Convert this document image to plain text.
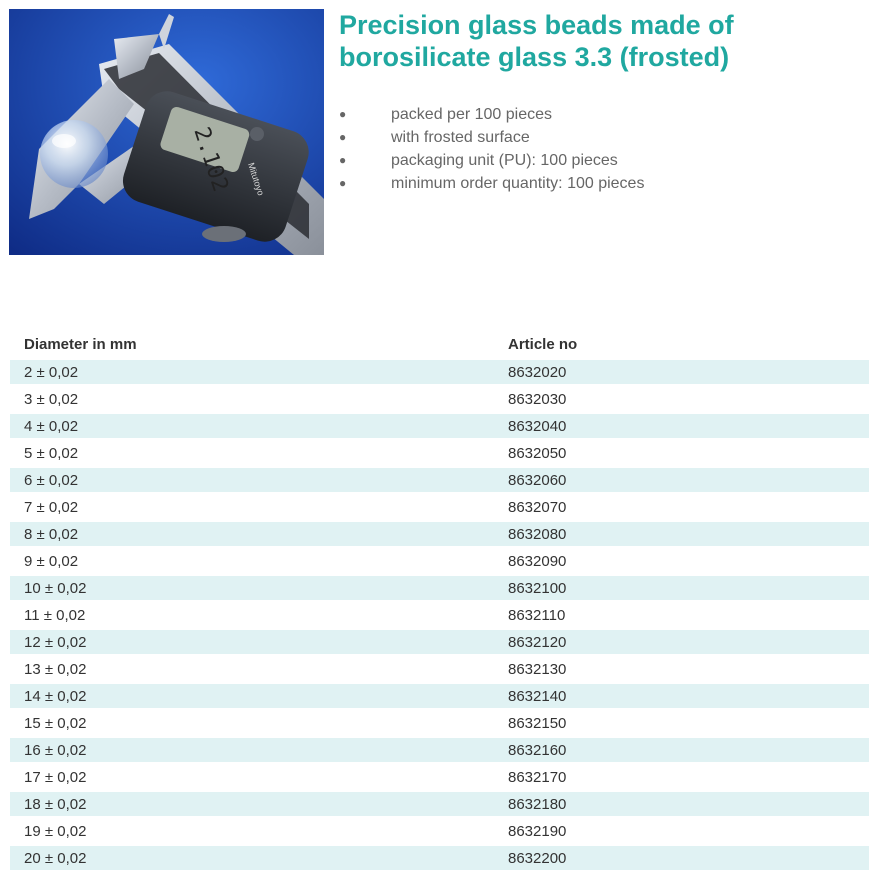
2.102 Mitutoyo
Precision glass beads made of borosilicate glass 3.3 (frosted)
●	packed per 100 pieces
●	with frosted surface
●	packaging unit (PU): 100 pieces
●	minimum order quantity: 100 pieces
Diameter in mm	Article no
2 ± 0,02	8632020
3 ± 0,02	8632030
4 ± 0,02	8632040
5 ± 0,02	8632050
6 ± 0,02	8632060
7 ± 0,02	8632070
8 ± 0,02	8632080
9 ± 0,02	8632090
10 ± 0,02	8632100
11 ± 0,02	8632110
12 ± 0,02	8632120
13 ± 0,02	8632130
14 ± 0,02	8632140
15 ± 0,02	8632150
16 ± 0,02	8632160
17 ± 0,02	8632170
18 ± 0,02	8632180
19 ± 0,02	8632190
20 ± 0,02	8632200
